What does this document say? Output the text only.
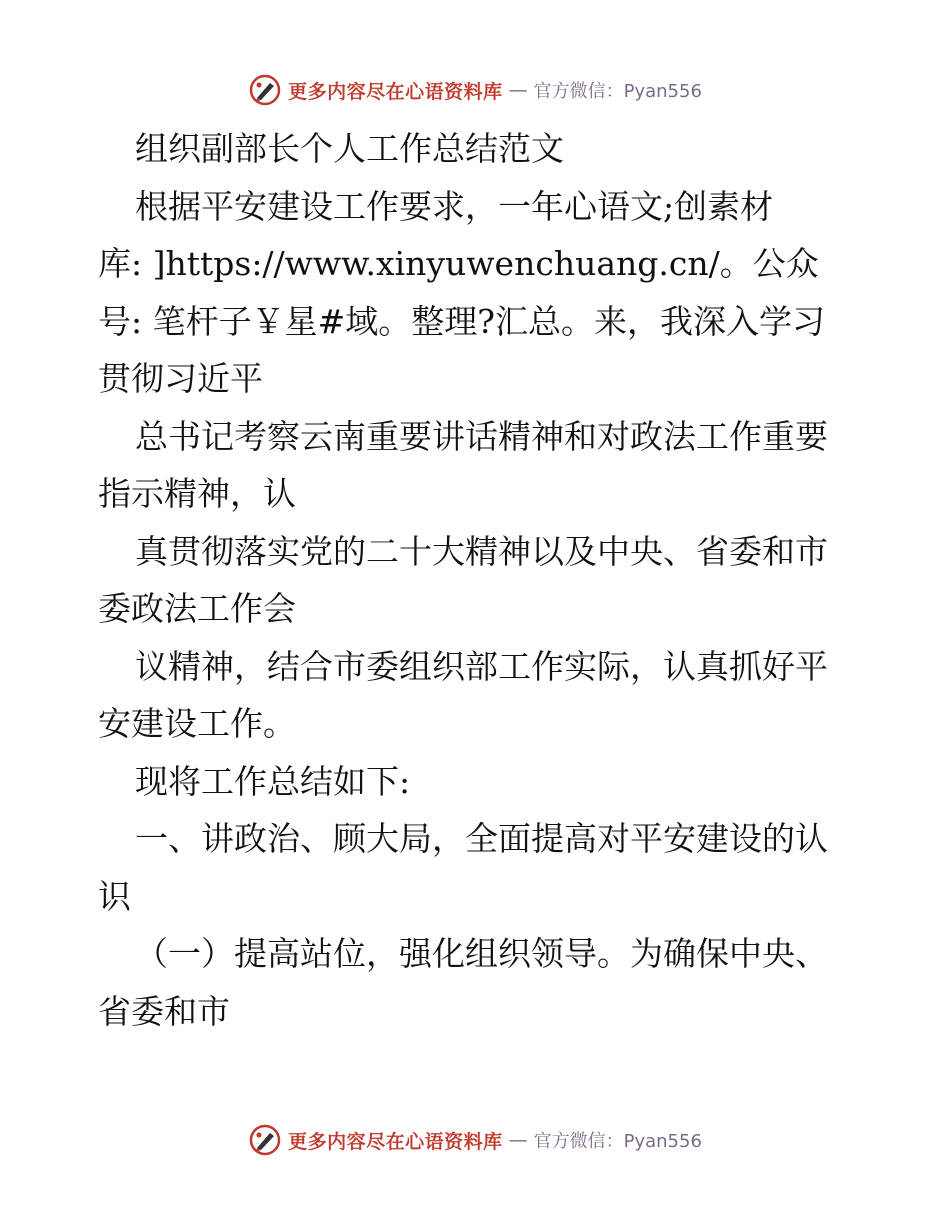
更多内容尽在心语资料库 — 官方微信：Pyan556
组织副部长个人工作总结范文
根据平安建设工作要求，一年心语文;创素材
库: ]https://www.xinyuwenchuang.cn/。公众
号: 笔杆子￥星#域。整理?汇总。来，我深入学习
贯彻习近平
总书记考察云南重要讲话精神和对政法工作重要
指示精神，认
真贯彻落实党的二十大精神以及中央、省委和市
委政法工作会
议精神，结合市委组织部工作实际，认真抓好平
安建设工作。
现将工作总结如下:
一、讲政治、顾大局，全面提高对平安建设的认
识
（一）提高站位，强化组织领导。为确保中央、
省委和市
更多内容尽在心语资料库 — 官方微信：Pyan556
